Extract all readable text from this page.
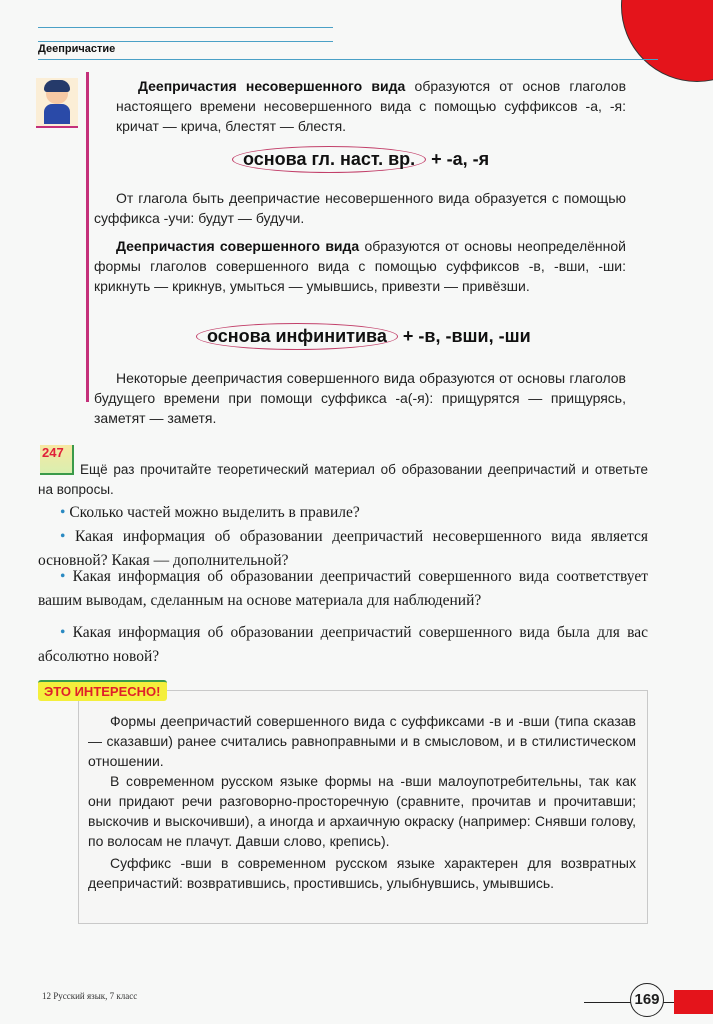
Деепричастие
Деепричастия несовершенного вида образуются от основ глаголов настоящего времени несовершенного вида с помощью суффиксов -а, -я: кричат — крича, блестят — блестя.
основа гл. наст. вр. + -а, -я
От глагола быть деепричастие несовершенного вида образуется с помощью суффикса -учи: будут — будучи.
Деепричастия совершенного вида образуются от основы неопределённой формы глаголов совершенного вида с помощью суффиксов -в, -вши, -ши: крикнуть — крикнув, умыться — умывшись, привезти — привёзши.
основа инфинитива + -в, -вши, -ши
Некоторые деепричастия совершенного вида образуются от основы глаголов будущего времени при помощи суффикса -а(-я): прищурятся — прищурясь, заметят — заметя.
247
Ещё раз прочитайте теоретический материал об образовании деепричастий и ответьте на вопросы.
• Сколько частей можно выделить в правиле?
• Какая информация об образовании деепричастий несовершенного вида является основной? Какая — дополнительной?
• Какая информация об образовании деепричастий совершенного вида соответствует вашим выводам, сделанным на основе материала для наблюдений?
• Какая информация об образовании деепричастий совершенного вида была для вас абсолютно новой?
ЭТО ИНТЕРЕСНО!
Формы деепричастий совершенного вида с суффиксами -в и -вши (типа сказав — сказавши) ранее считались равноправными и в смысловом, и в стилистическом отношении.
В современном русском языке формы на -вши малоупотребительны, так как они придают речи разговорно-просторечную (сравните, прочитав и прочитавши; выскочив и выскочивши), а иногда и архаичную окраску (например: Снявши голову, по волосам не плачут. Давши слово, крепись).
Суффикс -вши в современном русском языке характерен для возвратных деепричастий: возвратившись, простившись, улыбнувшись, умывшись.
12 Русский язык, 7 класс	169
